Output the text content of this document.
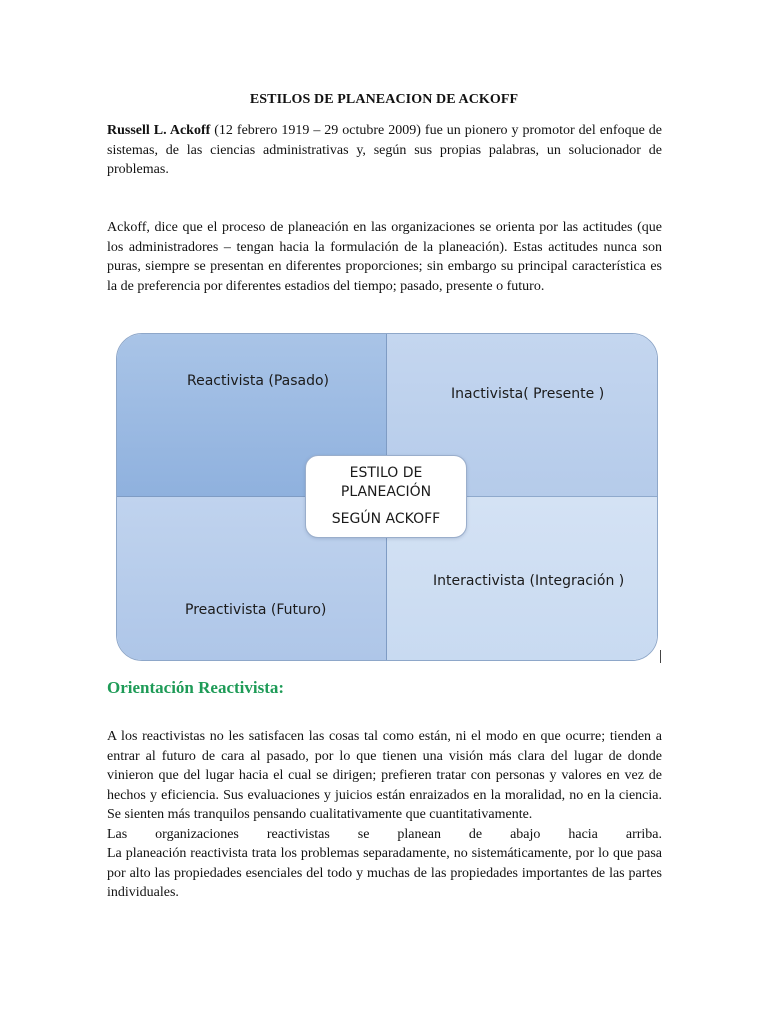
ESTILOS DE PLANEACION DE ACKOFF

Russell L. Ackoff (12 febrero 1919 – 29 octubre 2009) fue un pionero y promotor del enfoque de sistemas, de las ciencias administrativas y, según sus propias palabras, un solucionador de problemas.

Ackoff, dice que el proceso de planeación en las organizaciones se orienta por las actitudes (que los administradores – tengan hacia la formulación de la planeación). Estas actitudes nunca son puras, siempre se presentan en diferentes proporciones; sin embargo su principal característica es la de preferencia por diferentes estadios del tiempo; pasado, presente o futuro.

Reactivista (Pasado)
Inactivista( Presente )
Preactivista (Futuro)
Interactivista (Integración )
ESTILO DE
PLANEACIÓN
SEGÚN ACKOFF
Orientación Reactivista:
A los reactivistas no les satisfacen las cosas tal como están, ni el modo en que ocurre; tienden a entrar al futuro de cara al pasado, por lo que tienen una visión más clara del lugar de donde vinieron que del lugar hacia el cual se dirigen; prefieren tratar con personas y valores en vez de hechos y eficiencia. Sus evaluaciones y juicios están enraizados en la moralidad, no en la ciencia. Se sienten más tranquilos pensando cualitativamente que cuantitativamente.
Las organizaciones reactivistas se planean de abajo hacia arriba.
La planeación reactivista trata los problemas separadamente, no sistemáticamente, por lo que pasa por alto las propiedades esenciales del todo y muchas de las propiedades importantes de las partes individuales.
